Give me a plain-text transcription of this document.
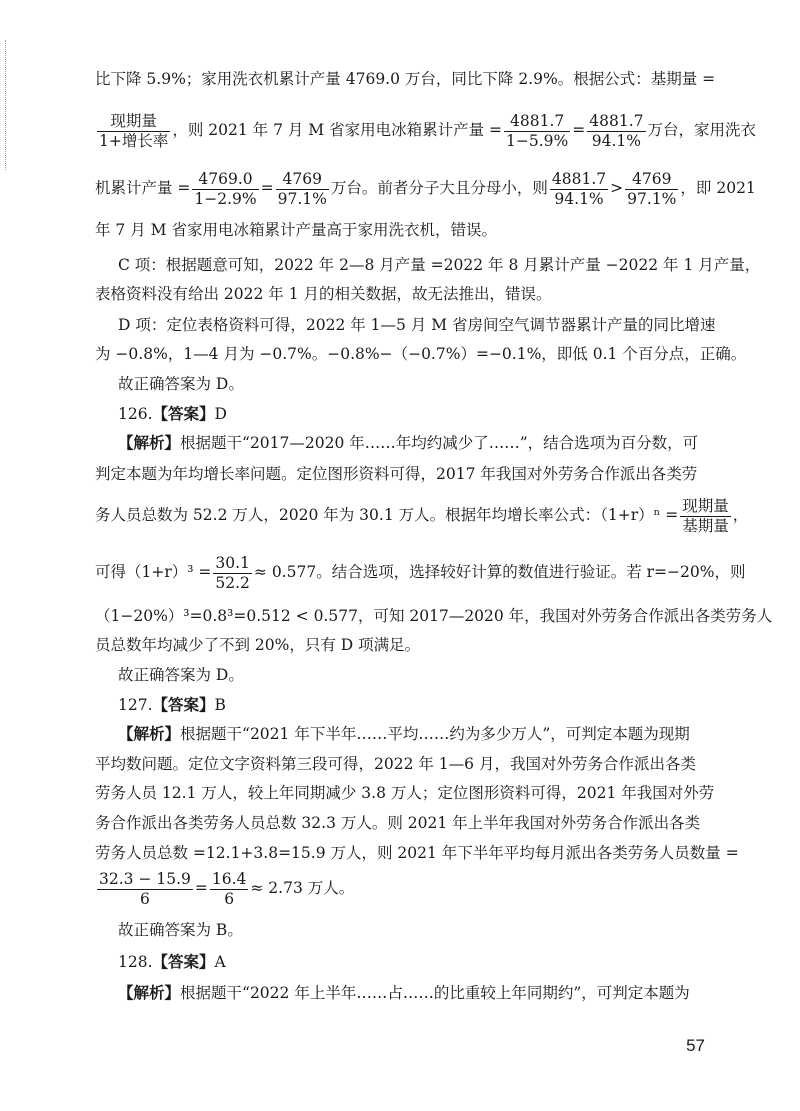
比下降 5.9%；家用洗衣机累计产量 4769.0 万台，同比下降 2.9%。根据公式：基期量 =
$\frac{\text{现期量}}{\text{1+增长率}}$ ，则 2021 年 7 月 M 省家用电冰箱累计产量 = $\frac{4881.7}{1-5.9\%} = \frac{4881.7}{94.1\%}$ 万台，家用洗衣
机累计产量 = $\frac{4769.0}{1-2.9\%} = \frac{4769}{97.1\%}$ 万台。前者分子大且分母小，则 $\frac{4881.7}{94.1\%} > \frac{4769}{97.1\%}$ ，即 2021
年 7 月 M 省家用电冰箱累计产量高于家用洗衣机，错误。
C 项：根据题意可知，2022 年 2—8 月产量 =2022 年 8 月累计产量 −2022 年 1 月产量，
表格资料没有给出 2022 年 1 月的相关数据，故无法推出，错误。
D 项：定位表格资料可得，2022 年 1—5 月 M 省房间空气调节器累计产量的同比增速
为 −0.8%，1—4 月为 −0.7%。−0.8%−（−0.7%）=−0.1%，即低 0.1 个百分点，正确。
故正确答案为 D。
126.【答案】D
【解析】根据题干“2017—2020 年……年均约减少了……”，结合选项为百分数，可
判定本题为年均增长率问题。定位图形资料可得，2017 年我国对外劳务合作派出各类劳
务人员总数为 52.2 万人，2020 年为 30.1 万人。根据年均增长率公式：$(1+r)^n = \frac{\text{现期量}}{\text{基期量}}$ ，
可得$(1+r)^3 = \frac{30.1}{52.2} \approx 0.577$。结合选项，选择较好计算的数值进行验证。若 r=−20%，则
（1−20%）³=0.8³=0.512 < 0.577，可知 2017—2020 年，我国对外劳务合作派出各类劳务人
员总数年均减少了不到 20%，只有 D 项满足。
故正确答案为 D。
127.【答案】B
【解析】根据题干“2021 年下半年……平均……约为多少万人”，可判定本题为现期
平均数问题。定位文字资料第三段可得，2022 年 1—6 月，我国对外劳务合作派出各类
劳务人员 12.1 万人，较上年同期减少 3.8 万人；定位图形资料可得，2021 年我国对外劳
务合作派出各类劳务人员总数 32.3 万人。则 2021 年上半年我国对外劳务合作派出各类
劳务人员总数 =12.1+3.8=15.9 万人，则 2021 年下半年平均每月派出各类劳务人员数量 =
$\frac{32.3 - 15.9}{6} = \frac{16.4}{6} \approx 2.73$ 万人。
故正确答案为 B。
128.【答案】A
【解析】根据题干“2022 年上半年……占……的比重较上年同期约”，可判定本题为
57
